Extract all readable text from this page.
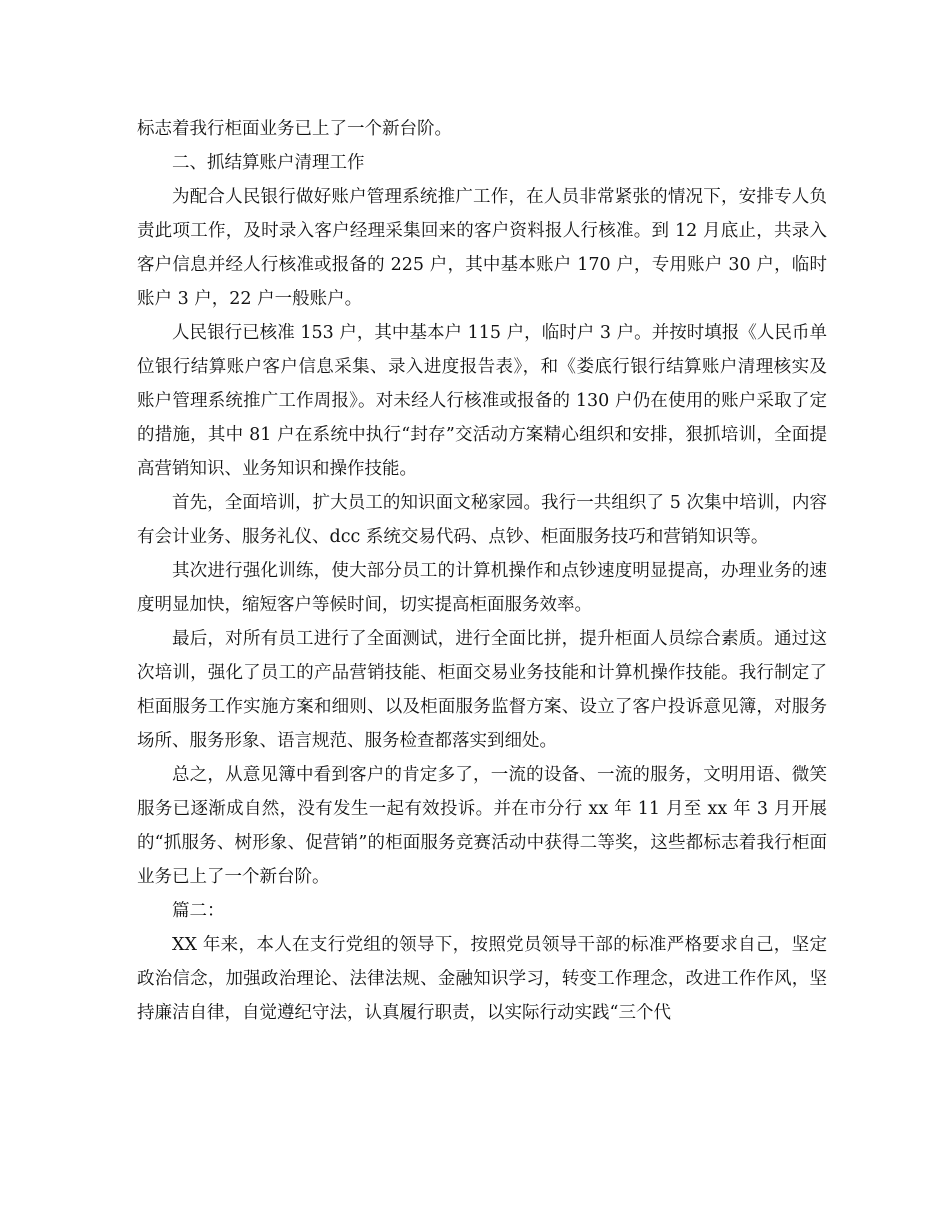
标志着我行柜面业务已上了一个新台阶。

二、抓结算账户清理工作

为配合人民银行做好账户管理系统推广工作，在人员非常紧张的情况下，安排专人负责此项工作，及时录入客户经理采集回来的客户资料报人行核准。到 12 月底止，共录入客户信息并经人行核准或报备的 225 户，其中基本账户 170 户，专用账户 30 户，临时账户 3 户，22 户一般账户。

人民银行已核准 153 户，其中基本户 115 户，临时户 3 户。并按时填报《人民币单位银行结算账户客户信息采集、录入进度报告表》，和《娄底行银行结算账户清理核实及账户管理系统推广工作周报》。对未经人行核准或报备的 130 户仍在使用的账户采取了定的措施，其中 81 户在系统中执行“封存”交活动方案精心组织和安排，狠抓培训，全面提高营销知识、业务知识和操作技能。

首先，全面培训，扩大员工的知识面文秘家园。我行一共组织了 5 次集中培训，内容有会计业务、服务礼仪、dcc 系统交易代码、点钞、柜面服务技巧和营销知识等。

其次进行强化训练，使大部分员工的计算机操作和点钞速度明显提高，办理业务的速度明显加快，缩短客户等候时间，切实提高柜面服务效率。

最后，对所有员工进行了全面测试，进行全面比拼，提升柜面人员综合素质。通过这次培训，强化了员工的产品营销技能、柜面交易业务技能和计算机操作技能。我行制定了柜面服务工作实施方案和细则、以及柜面服务监督方案、设立了客户投诉意见簿，对服务场所、服务形象、语言规范、服务检查都落实到细处。

总之，从意见簿中看到客户的肯定多了，一流的设备、一流的服务，文明用语、微笑服务已逐渐成自然，没有发生一起有效投诉。并在市分行 xx 年 11 月至 xx 年 3 月开展的“抓服务、树形象、促营销”的柜面服务竞赛活动中获得二等奖，这些都标志着我行柜面业务已上了一个新台阶。

篇二：

XX 年来，本人在支行党组的领导下，按照党员领导干部的标准严格要求自己，坚定政治信念，加强政治理论、法律法规、金融知识学习，转变工作理念，改进工作作风，坚持廉洁自律，自觉遵纪守法，认真履行职责，以实际行动实践“三个代
